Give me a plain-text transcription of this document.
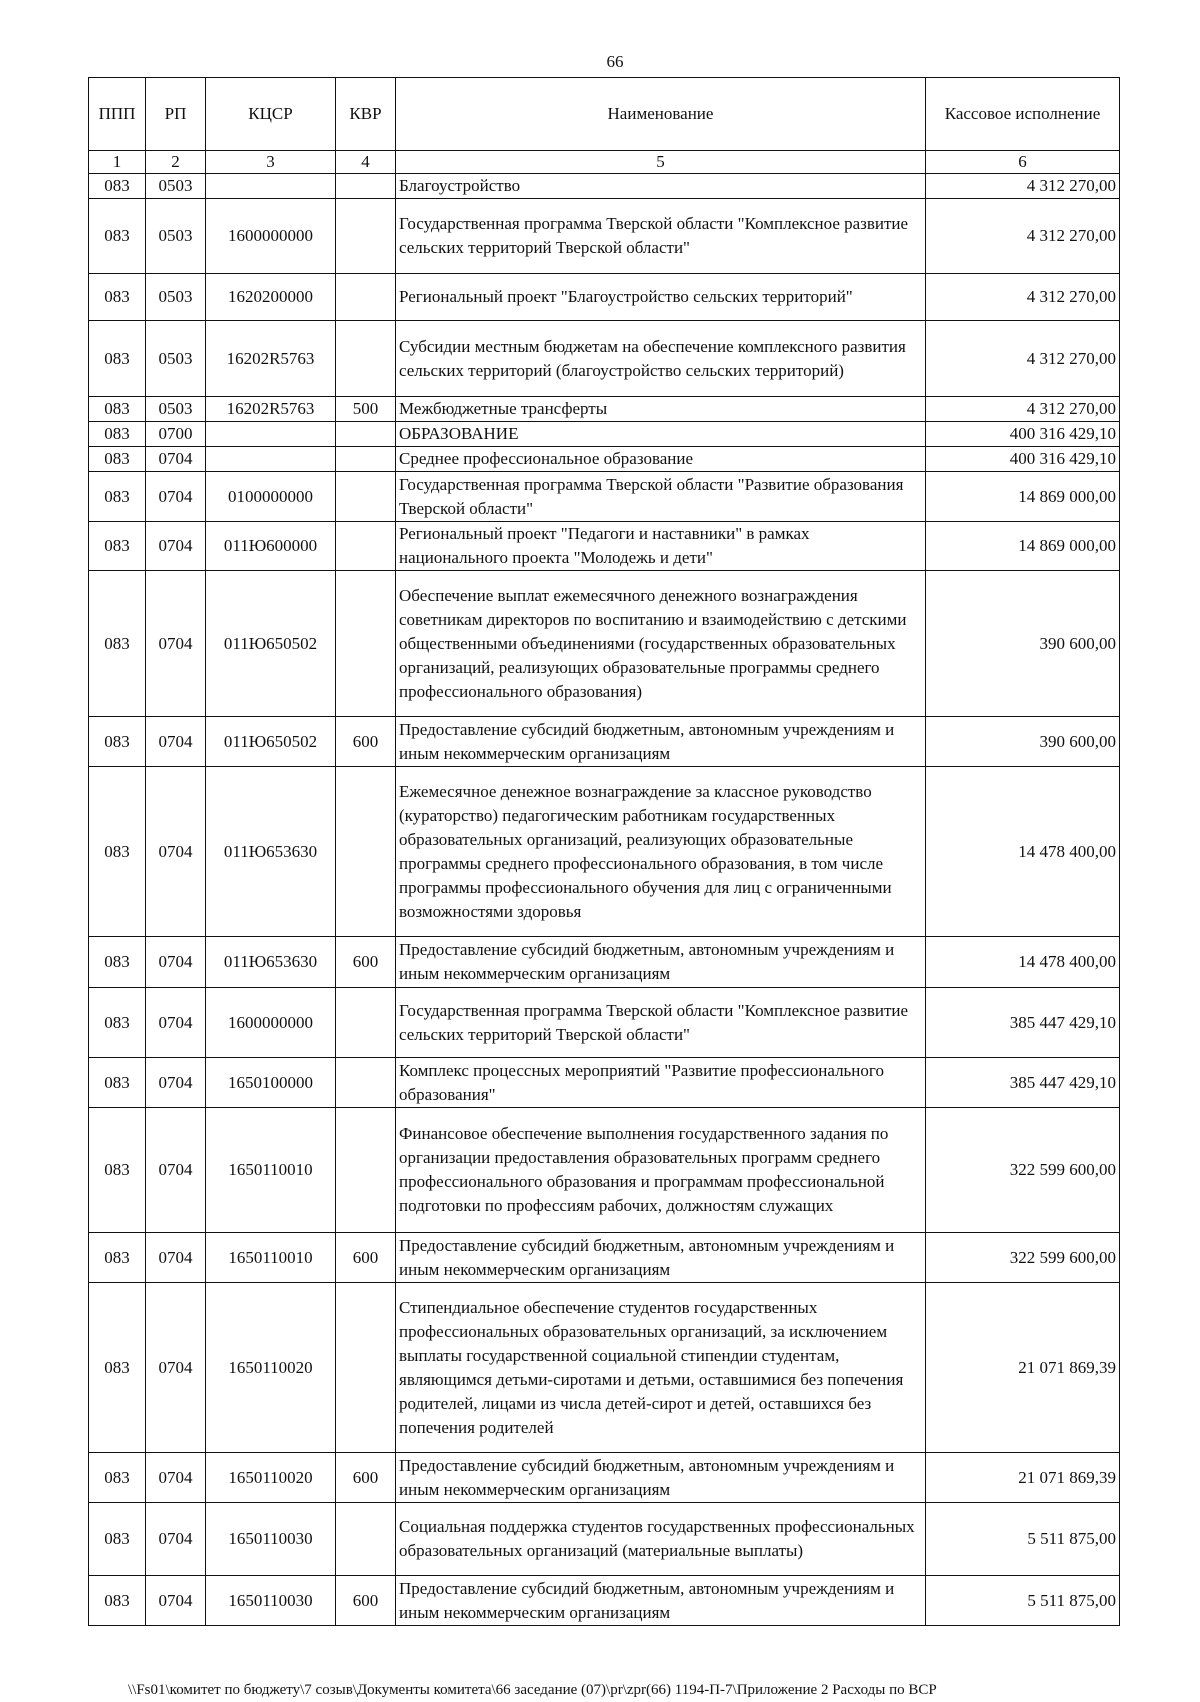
66
ППП	РП	КЦСР	КВР	Наименование	Кассовое исполнение
1	2	3	4	5	6
083	0503			Благоустройство	4 312 270,00
083	0503	1600000000		Государственная программа Тверской области "Комплексное развитие сельских территорий Тверской области"	4 312 270,00
083	0503	1620200000		Региональный проект "Благоустройство сельских территорий"	4 312 270,00
083	0503	16202R5763		Субсидии местным бюджетам на обеспечение комплексного развития сельских территорий (благоустройство сельских территорий)	4 312 270,00
083	0503	16202R5763	500	Межбюджетные трансферты	4 312 270,00
083	0700			ОБРАЗОВАНИЕ	400 316 429,10
083	0704			Среднее профессиональное образование	400 316 429,10
083	0704	0100000000		Государственная программа Тверской области "Развитие образования Тверской области"	14 869 000,00
083	0704	011Ю600000		Региональный проект "Педагоги и наставники" в рамках национального проекта "Молодежь и дети"	14 869 000,00
083	0704	011Ю650502		Обеспечение выплат ежемесячного денежного вознаграждения советникам директоров по воспитанию и взаимодействию с детскими общественными объединениями (государственных образовательных организаций, реализующих образовательные программы среднего профессионального образования)	390 600,00
083	0704	011Ю650502	600	Предоставление субсидий бюджетным, автономным учреждениям и иным некоммерческим организациям	390 600,00
083	0704	011Ю653630		Ежемесячное денежное вознаграждение за классное руководство (кураторство) педагогическим работникам государственных образовательных организаций, реализующих образовательные программы среднего профессионального образования, в том числе программы профессионального обучения для лиц с ограниченными возможностями здоровья	14 478 400,00
083	0704	011Ю653630	600	Предоставление субсидий бюджетным, автономным учреждениям и иным некоммерческим организациям	14 478 400,00
083	0704	1600000000		Государственная программа Тверской области "Комплексное развитие сельских территорий Тверской области"	385 447 429,10
083	0704	1650100000		Комплекс процессных мероприятий "Развитие профессионального образования"	385 447 429,10
083	0704	1650110010		Финансовое обеспечение выполнения государственного задания по организации предоставления образовательных программ среднего профессионального образования и программам профессиональной подготовки по профессиям рабочих, должностям служащих	322 599 600,00
083	0704	1650110010	600	Предоставление субсидий бюджетным, автономным учреждениям и иным некоммерческим организациям	322 599 600,00
083	0704	1650110020		Стипендиальное обеспечение студентов государственных профессиональных образовательных организаций, за исключением выплаты государственной социальной стипендии студентам, являющимся детьми-сиротами и детьми, оставшимися без попечения родителей, лицами из числа детей-сирот и детей, оставшихся без попечения родителей	21 071 869,39
083	0704	1650110020	600	Предоставление субсидий бюджетным, автономным учреждениям и иным некоммерческим организациям	21 071 869,39
083	0704	1650110030		Социальная поддержка студентов государственных профессиональных образовательных организаций (материальные выплаты)	5 511 875,00
083	0704	1650110030	600	Предоставление субсидий бюджетным, автономным учреждениям и иным некоммерческим организациям	5 511 875,00
\\Fs01\комитет по бюджету\7 созыв\Документы комитета\66 заседание (07)\pr\zpr(66) 1194-П-7\Приложение 2 Расходы по ВСР
